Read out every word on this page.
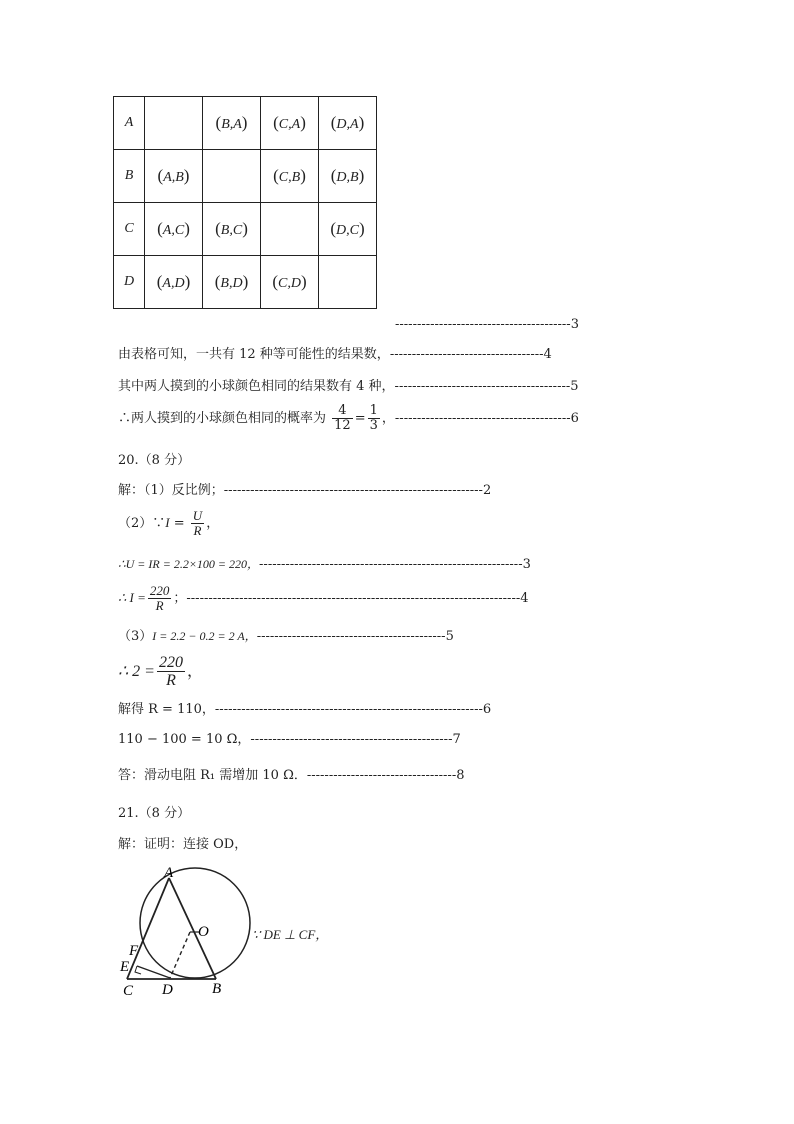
A		(B,A)	(C,A)	(D,A)
B	(A,B)		(C,B)	(D,B)
C	(A,C)	(B,C)		(D,C)
D	(A,D)	(B,D)	(C,D)	
----------------------------------------3
由表格可知，一共有 12 种等可能性的结果数，-----------------------------------4
其中两人摸到的小球颜色相同的结果数有 4 种，----------------------------------------5
∴两人摸到的小球颜色相同的概率为 $\frac{4}{12} = \frac{1}{3}$ ，----------------------------------------6
20.（8 分）
解：（1）反比例；-----------------------------------------------------------2
（2）∵I = $\frac{U}{R}$ ，
∴U = IR = 2.2×100 = 220，------------------------------------------------------------3
∴ $I = \frac{220}{R}$ ；----------------------------------------------------------------------------4
（3）I = 2.2 − 0.2 = 2 A，-------------------------------------------5
∴ $2 = \frac{220}{R}$ ，
解得 R = 110，-------------------------------------------------------------6
110 − 100 = 10 Ω，----------------------------------------------7
答：滑动电阻 R₁ 需增加 10 Ω．----------------------------------8
21.（8 分）
解：证明：连接 OD，
A
O
F
E
C D	B
∵ DE ⊥ CF，
